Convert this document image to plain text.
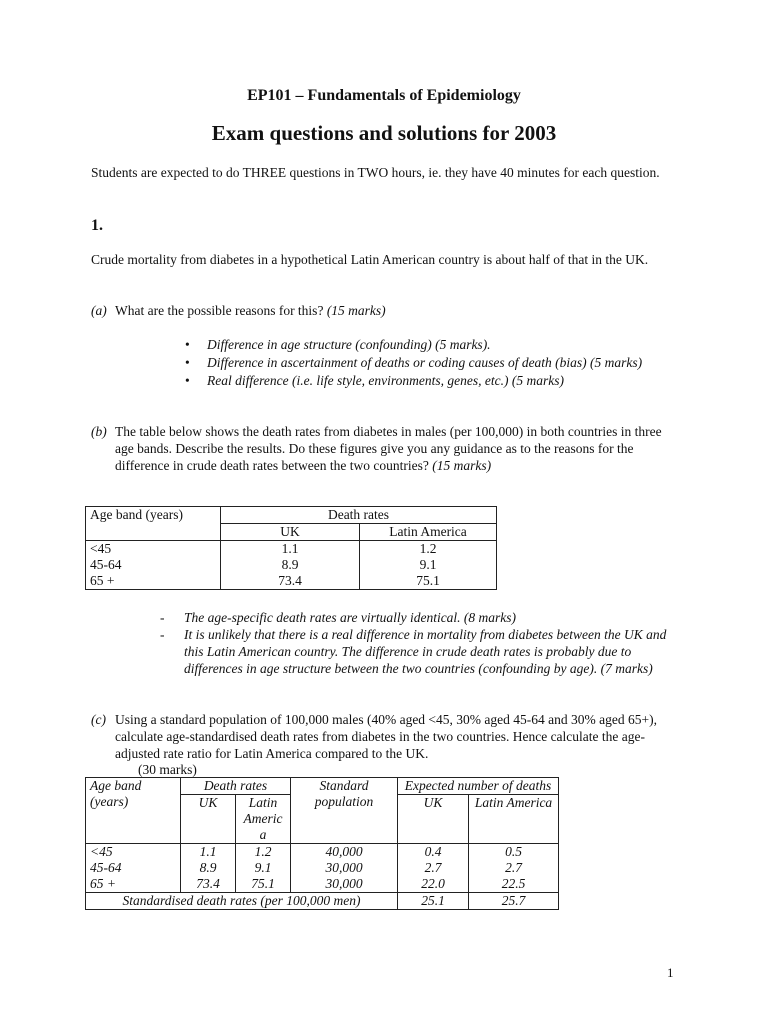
EP101 – Fundamentals of Epidemiology

Exam questions and solutions for 2003

Students are expected to do THREE questions in TWO hours, ie. they have 40 minutes for each question.

1.

Crude mortality from diabetes in a hypothetical Latin American country is about half of that in the UK.

(a) What are the possible reasons for this? (15 marks)
• Difference in age structure (confounding) (5 marks).
• Difference in ascertainment of deaths or coding causes of death (bias) (5 marks)
• Real difference (i.e. life style, environments, genes, etc.) (5 marks)
(b) The table below shows the death rates from diabetes in males (per 100,000) in both countries in three age bands. Describe the results. Do these figures give you any guidance as to the reasons for the difference in crude death rates between the two countries? (15 marks)
Age band (years)	Death rates	
	UK	Latin America
<45	1.1	1.2
45-64	8.9	9.1
65 +	73.4	75.1
- The age-specific death rates are virtually identical. (8 marks)
- It is unlikely that there is a real difference in mortality from diabetes between the UK and this Latin American country. The difference in crude death rates is probably due to differences in age structure between the two countries (confounding by age). (7 marks)
(c) Using a standard population of 100,000 males (40% aged <45, 30% aged 45-64 and 30% aged 65+), calculate age-standardised death rates from diabetes in the two countries. Hence calculate the age-adjusted rate ratio for Latin America compared to the UK.

(30 marks)

Age band (years)	Death rates		Standard population	Expected number of deaths	
	UK	Latin Americ a		UK	Latin America
<45	1.1	1.2	40,000	0.4	0.5
45-64	8.9	9.1	30,000	2.7	2.7
65 +	73.4	75.1	30,000	22.0	22.5
Standardised death rates (per 100,000 men)				25.1	25.7

1
